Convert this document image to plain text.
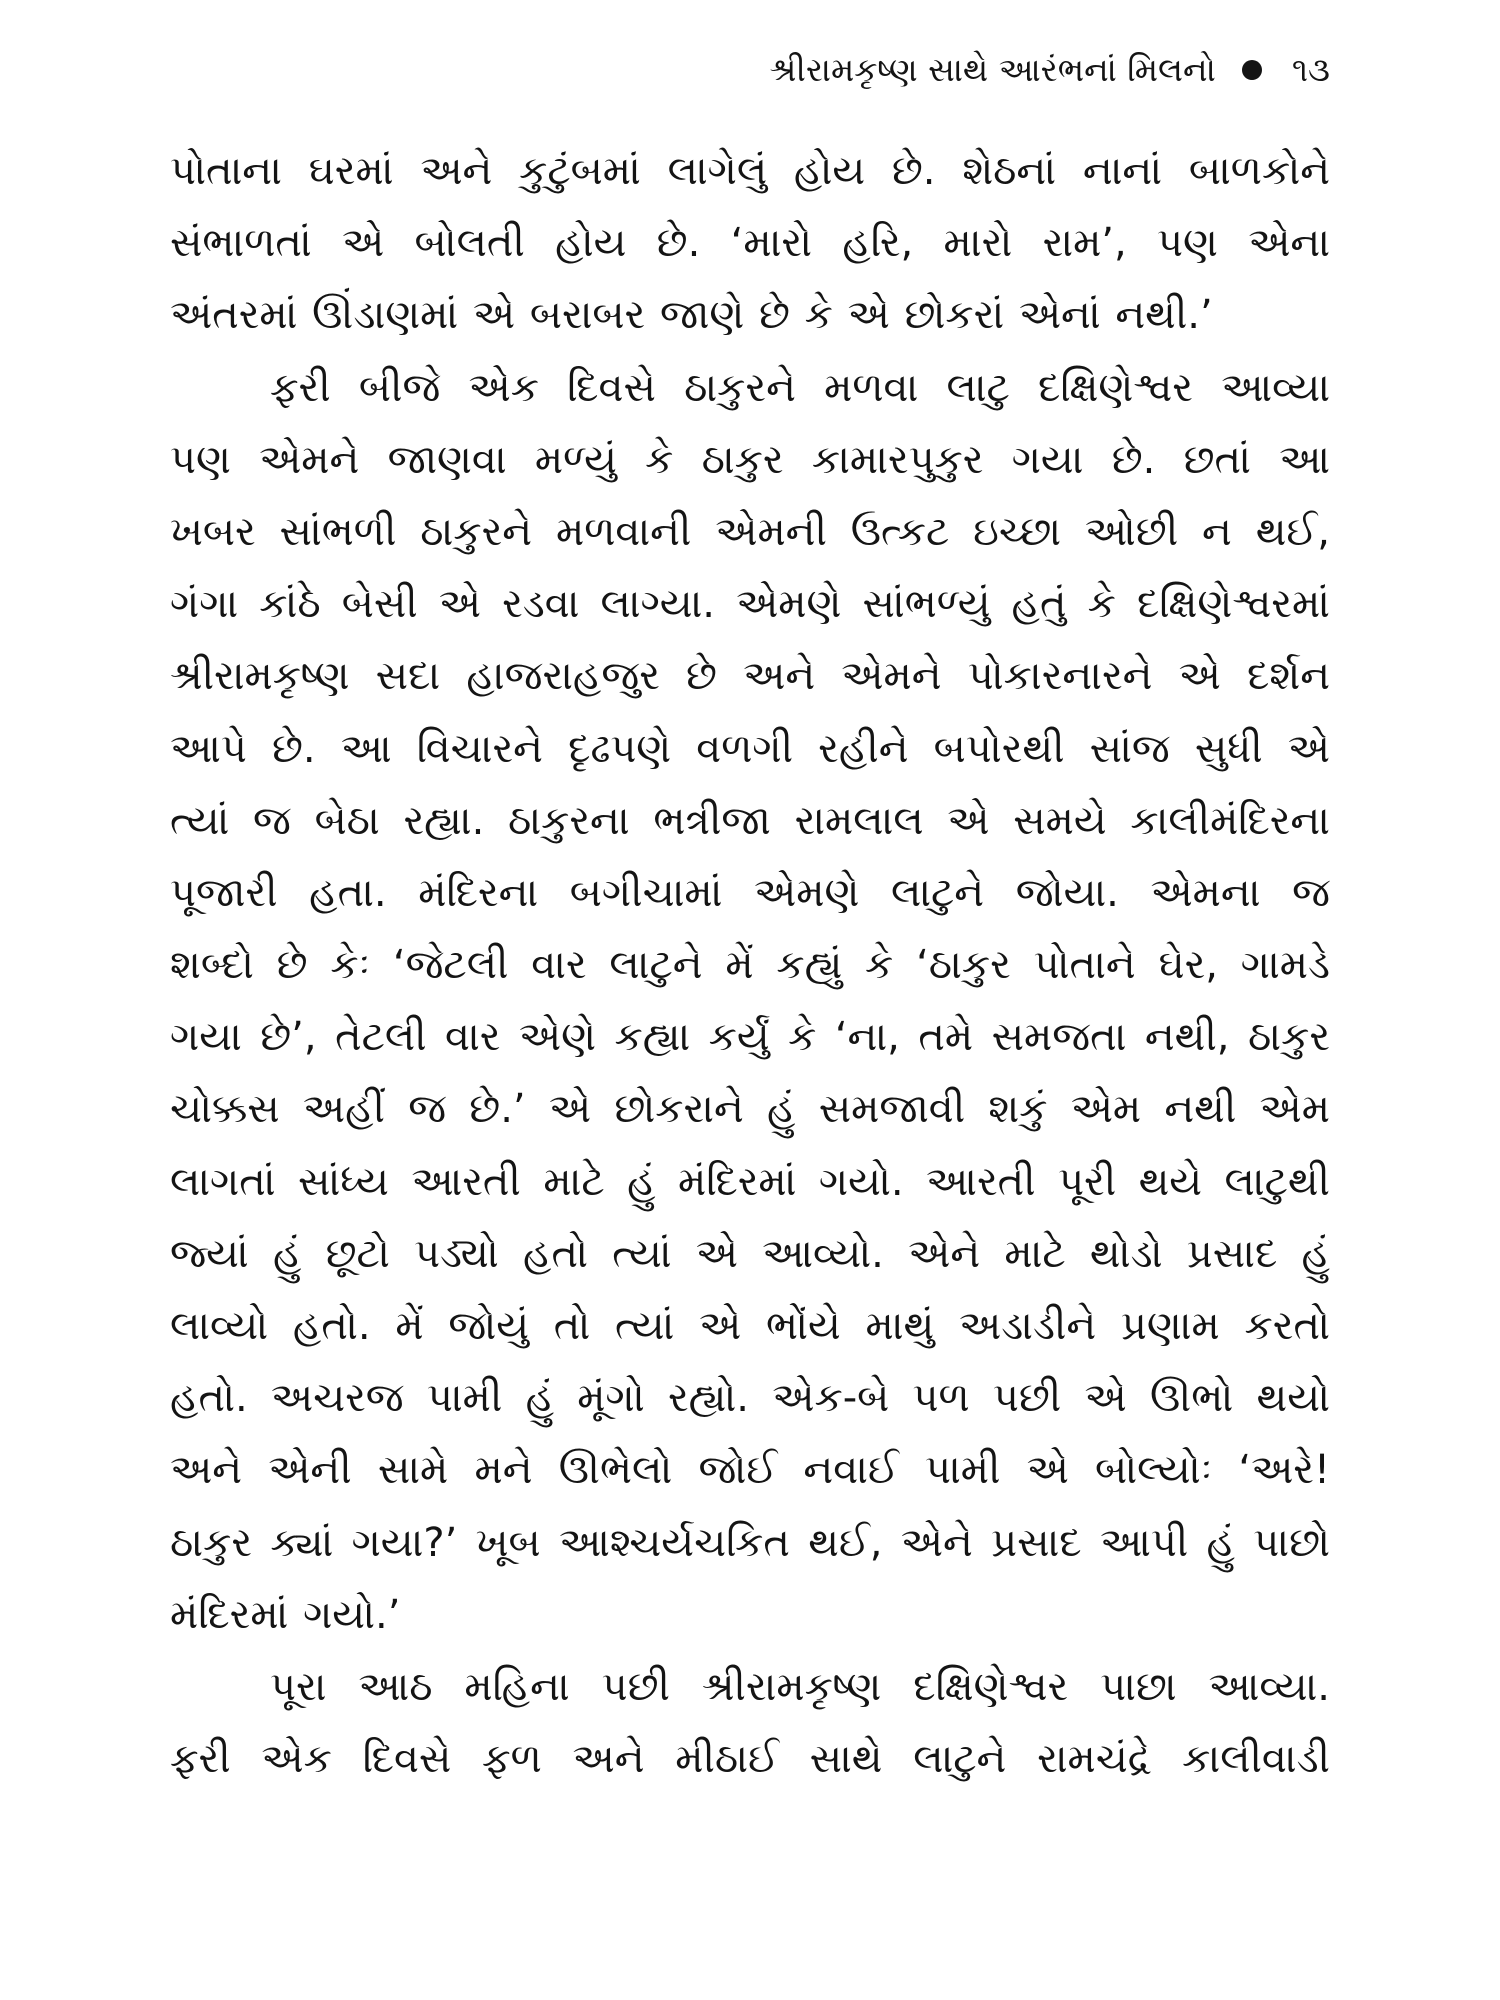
શ્રીરામકૃષ્ણ સાથે આરંભનાં મિલનો ૧૩
પોતાના ઘરમાં અને કુટુંબમાં લાગેલું હોય છે. શેઠનાં નાનાં બાળકોને
સંભાળતાં એ બોલતી હોય છે. ‘મારો હરિ, મારો રામ’, પણ એના
અંતરમાં ઊંડાણમાં એ બરાબર જાણે છે કે એ છોકરાં એનાં નથી.’
ફરી બીજે એક દિવસે ઠાકુરને મળવા લાટુ દક્ષિણેશ્વર આવ્યા
પણ એમને જાણવા મળ્યું કે ઠાકુર કામારપુકુર ગયા છે. છતાં આ
ખબર સાંભળી ઠાકુરને મળવાની એમની ઉત્કટ ઇચ્છા ઓછી ન થઈ,
ગંગા કાંઠે બેસી એ રડવા લાગ્યા. એમણે સાંભળ્યું હતું કે દક્ષિણેશ્વરમાં
શ્રીરામકૃષ્ણ સદા હાજરાહજુર છે અને એમને પોકારનારને એ દર્શન
આપે છે. આ વિચારને દૃઢપણે વળગી રહીને બપોરથી સાંજ સુધી એ
ત્યાં જ બેઠા રહ્યા. ઠાકુરના ભત્રીજા રામલાલ એ સમયે કાલીમંદિરના
પૂજારી હતા. મંદિરના બગીચામાં એમણે લાટુને જોયા. એમના જ
શબ્દો છે કેઃ ‘જેટલી વાર લાટુને મેં કહ્યું કે ‘ઠાકુર પોતાને ઘેર, ગામડે
ગયા છે’, તેટલી વાર એણે કહ્યા કર્યું કે ‘ના, તમે સમજતા નથી, ઠાકુર
ચોક્કસ અહીં જ છે.’ એ છોકરાને હું સમજાવી શકું એમ નથી એમ
લાગતાં સાંધ્ય આરતી માટે હું મંદિરમાં ગયો. આરતી પૂરી થયે લાટુથી
જ્યાં હું છૂટો પડ્યો હતો ત્યાં એ આવ્યો. એને માટે થોડો પ્રસાદ હું
લાવ્યો હતો. મેં જોયું તો ત્યાં એ ભોંયે માથું અડાડીને પ્રણામ કરતો
હતો. અચરજ પામી હું મૂંગો રહ્યો. એક-બે પળ પછી એ ઊભો થયો
અને એની સામે મને ઊભેલો જોઈ નવાઈ પામી એ બોલ્યોઃ ‘અરે!
ઠાકુર ક્યાં ગયા?’ ખૂબ આશ્ચર્યચકિત થઈ, એને પ્રસાદ આપી હું પાછો
મંદિરમાં ગયો.’
પૂરા આઠ મહિના પછી શ્રીરામકૃષ્ણ દક્ષિણેશ્વર પાછા આવ્યા.
ફરી એક દિવસે ફળ અને મીઠાઈ સાથે લાટુને રામચંદ્રે કાલીવાડી
